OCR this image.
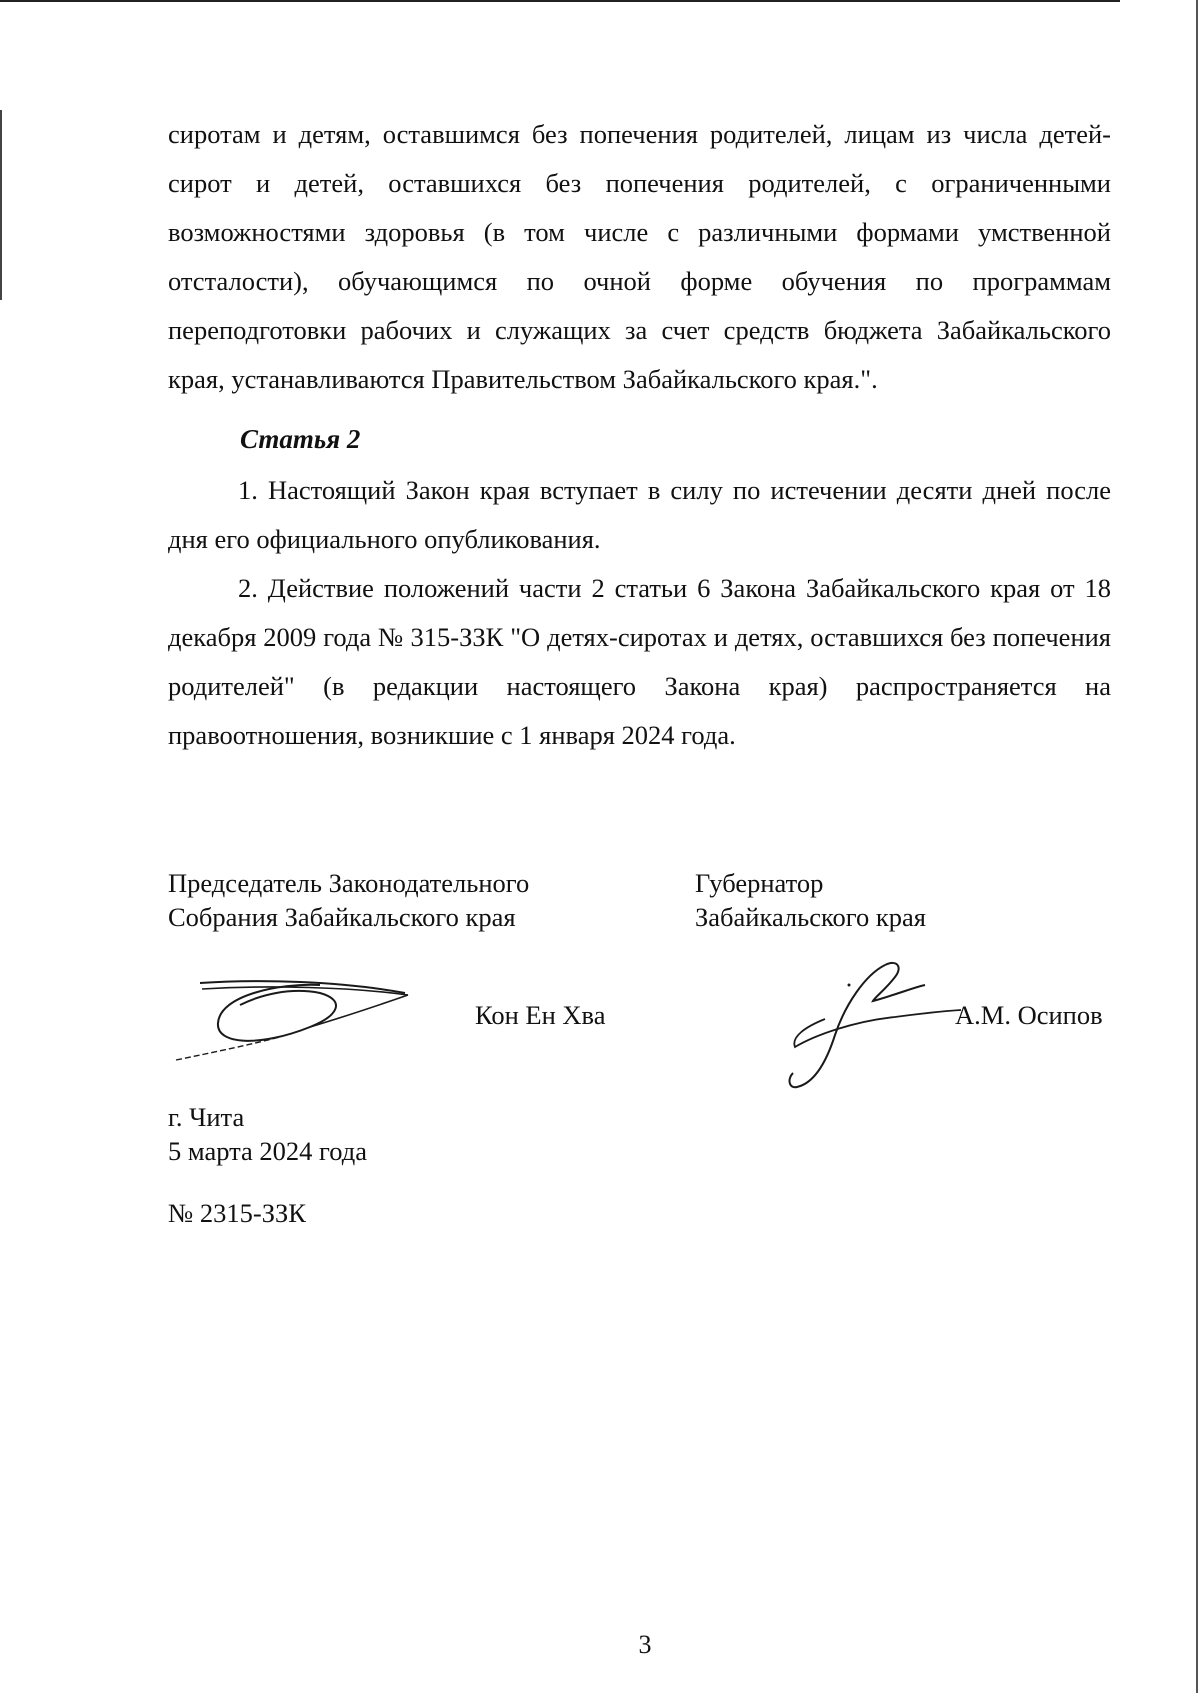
сиротам и детям, оставшимся без попечения родителей, лицам из числа детей-сирот и детей, оставшихся без попечения родителей, с ограниченными возможностями здоровья (в том числе с различными формами умственной отсталости), обучающимся по очной форме обучения по программам переподготовки рабочих и служащих за счет средств бюджета Забайкальского края, устанавливаются Правительством Забайкальского края.".
Статья 2
1. Настоящий Закон края вступает в силу по истечении десяти дней после дня его официального опубликования.
2. Действие положений части 2 статьи 6 Закона Забайкальского края от 18 декабря 2009 года № 315-ЗЗК "О детях-сиротах и детях, оставшихся без попечения родителей" (в редакции настоящего Закона края) распространяется на правоотношения, возникшие с 1 января 2024 года.
Председатель Законодательного
Собрания Забайкальского края
Губернатор
Забайкальского края
Кон Ен Хва	А.М. Осипов
г. Чита
5 марта 2024 года
№ 2315-ЗЗК
3
